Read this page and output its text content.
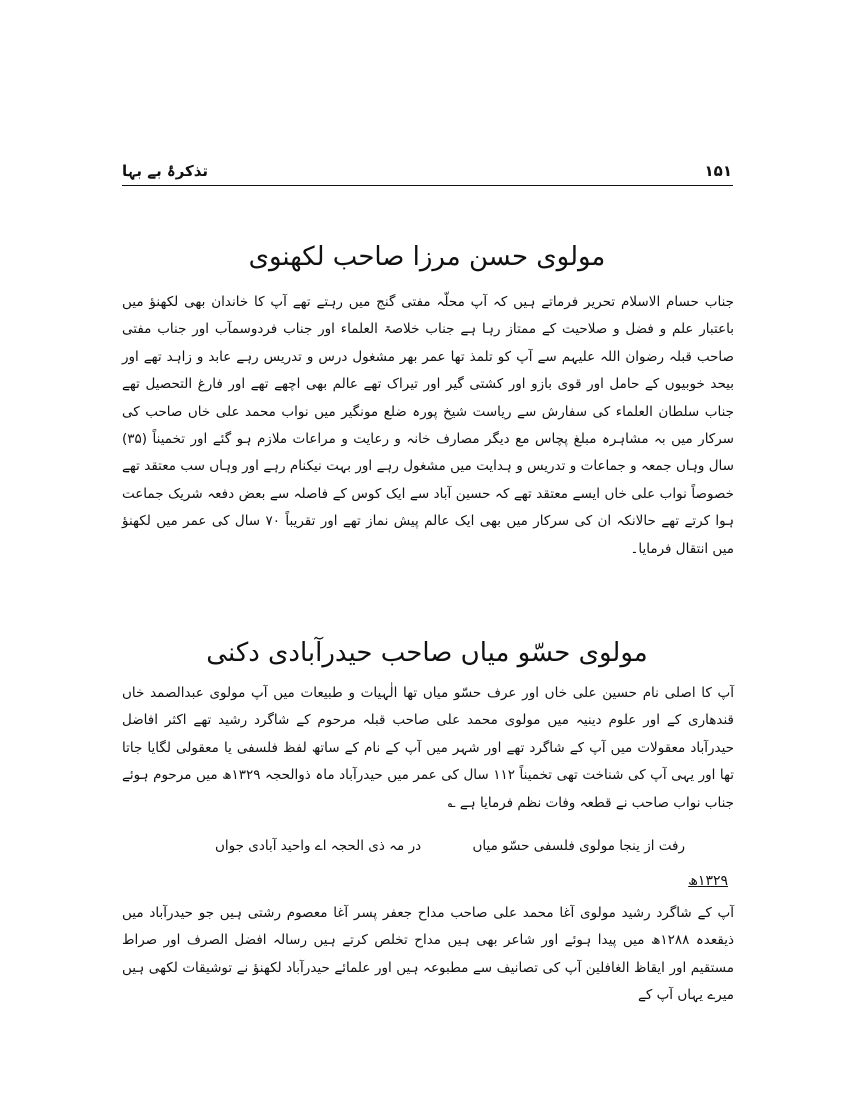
۱۵۱
تذکرۂ بے بہا
مولوی حسن مرزا صاحب لکھنوی

جناب حسام الاسلام تحریر فرماتے ہیں کہ آپ محلّہ مفتی گنج میں رہتے تھے آپ کا خاندان بھی لکھنؤ میں باعتبار علم و فضل و صلاحیت کے ممتاز رہا ہے جناب خلاصۃ العلماء اور جناب فردوسمآب اور جناب مفتی صاحب قبلہ رضوان اللہ علیہم سے آپ کو تلمذ تھا عمر بھر مشغول درس و تدریس رہے عابد و زاہد تھے اور بیحد خوبیوں کے حامل اور قوی بازو اور کشتی گیر اور تیراک تھے عالم بھی اچھے تھے اور فارغ التحصیل تھے جناب سلطان العلماء کی سفارش سے ریاست شیخ پورہ ضلع مونگیر میں نواب محمد علی خاں صاحب کی سرکار میں بہ مشاہرہ مبلغ پچاس مع دیگر مصارف خانہ و رعایت و مراعات ملازم ہو گئے اور تخمیناً (۳۵) سال وہاں جمعہ و جماعات و تدریس و ہدایت میں مشغول رہے اور بہت نیکنام رہے اور وہاں سب معتقد تھے خصوصاً نواب علی خاں ایسے معتقد تھے کہ حسین آباد سے ایک کوس کے فاصلہ سے بعض دفعہ شریک جماعت ہوا کرتے تھے حالانکہ ان کی سرکار میں بھی ایک عالم پیش نماز تھے اور تقریباً ۷۰ سال کی عمر میں لکھنؤ میں انتقال فرمایا۔

مولوی حسّو میاں صاحب حیدرآبادی دکنی

آپ کا اصلی نام حسین علی خاں اور عرف حسّو میاں تھا الٰہیات و طبیعات میں آپ مولوی عبدالصمد خاں قندھاری کے اور علوم دینیہ میں مولوی محمد علی صاحب قبلہ مرحوم کے شاگرد رشید تھے اکثر افاضل حیدرآباد معقولات میں آپ کے شاگرد تھے اور شہر میں آپ کے نام کے ساتھ لفظ فلسفی یا معقولی لگایا جاتا تھا اور یہی آپ کی شناخت تھی تخمیناً ۱۱۲ سال کی عمر میں حیدرآباد ماہ ذوالحجہ ۱۳۲۹ھ میں مرحوم ہوئے جناب نواب صاحب نے قطعہ وفات نظم فرمایا ہے ؎

رفت از ینجا مولوی فلسفی حسّو میاں
در مہ ذی الحجہ اے واحید آبادی جواں
۱۳۲۹ھ

آپ کے شاگرد رشید مولوی آغا محمد علی صاحب مداح جعفر پسر آغا معصوم رشتی ہیں جو حیدرآباد میں ذیقعدہ ۱۲۸۸ھ میں پیدا ہوئے اور شاعر بھی ہیں مداح تخلص کرتے ہیں رسالہ افضل الصرف اور صراط مستقیم اور ایقاظ الغافلین آپ کی تصانیف سے مطبوعہ ہیں اور علمائے حیدرآباد لکھنؤ نے توشیقات لکھی ہیں میرے یہاں آپ کے
